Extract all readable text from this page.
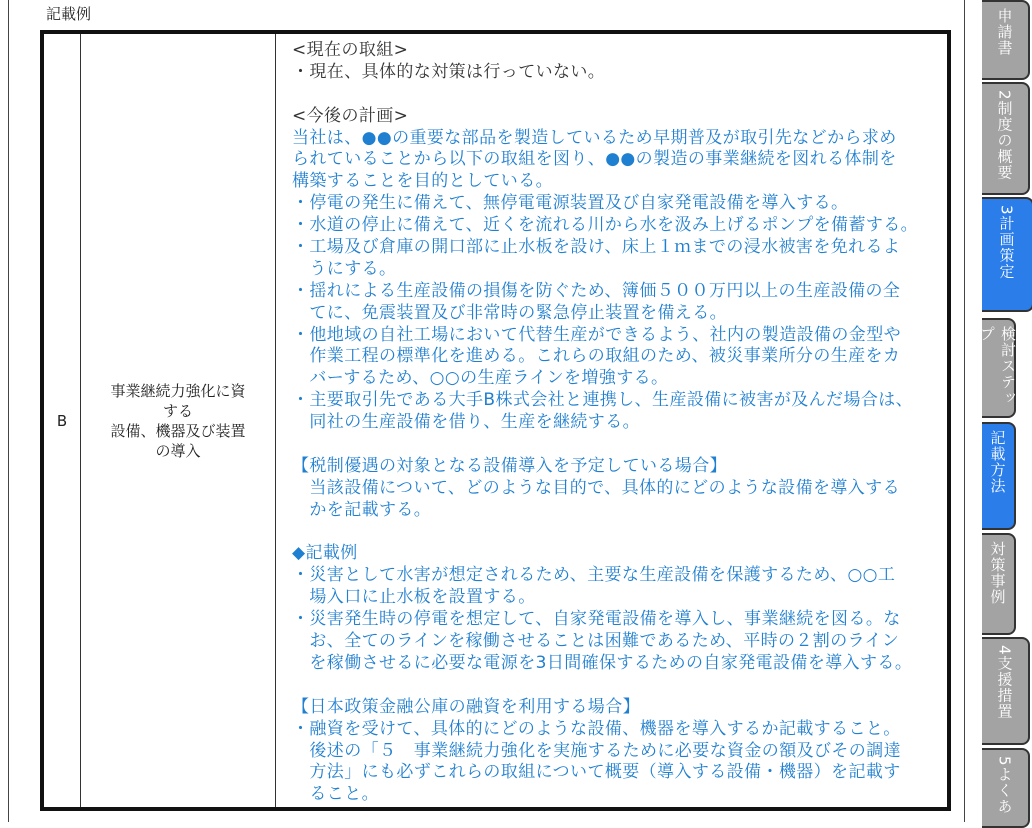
記載例
B
事業継続力強化に資
する
設備、機器及び装置
の導入
<現在の取組>
・現在、具体的な対策は行っていない。
<今後の計画>
当社は、●●の重要な部品を製造しているため早期普及が取引先などから求め
られていることから以下の取組を図り、●●の製造の事業継続を図れる体制を
構築することを目的としている。
・停電の発生に備えて、無停電電源装置及び自家発電設備を導入する。
・水道の停止に備えて、近くを流れる川から水を汲み上げるポンプを備蓄する。
・工場及び倉庫の開口部に止水板を設け、床上１ｍまでの浸水被害を免れるよ
　うにする。
・揺れによる生産設備の損傷を防ぐため、簿価５００万円以上の生産設備の全
　てに、免震装置及び非常時の緊急停止装置を備える。
・他地域の自社工場において代替生産ができるよう、社内の製造設備の金型や
　作業工程の標準化を進める。これらの取組のため、被災事業所分の生産をカ
　バーするため、○○の生産ラインを増強する。
・主要取引先である大手B株式会社と連携し、生産設備に被害が及んだ場合は、
　同社の生産設備を借り、生産を継続する。
【税制優遇の対象となる設備導入を予定している場合】
　当該設備について、どのような目的で、具体的にどのような設備を導入する
　かを記載する。
◆記載例
・災害として水害が想定されるため、主要な生産設備を保護するため、○○工
　場入口に止水板を設置する。
・災害発生時の停電を想定して、自家発電設備を導入し、事業継続を図る。な
　お、全てのラインを稼働させることは困難であるため、平時の２割のライン
　を稼働させるに必要な電源を3日間確保するための自家発電設備を導入する。
【日本政策金融公庫の融資を利用する場合】
・融資を受けて、具体的にどのような設備、機器を導入するか記載すること。
　後述の「５　事業継続力強化を実施するために必要な資金の額及びその調達
　方法」にも必ずこれらの取組について概要（導入する設備・機器）を記載す
　ること。
申請書
2制度の概要
3計画策定
検討ステップ
記載方法
対策事例
4支援措置
5よくあ
